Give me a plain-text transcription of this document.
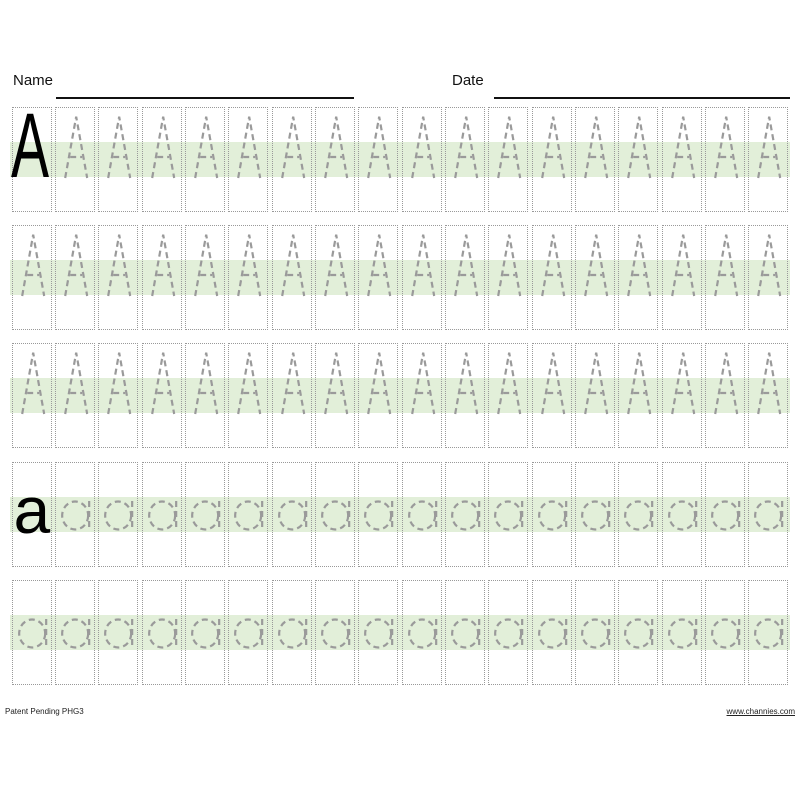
Name	Date
A
a
Patent Pending PHG3	www.channies.com
